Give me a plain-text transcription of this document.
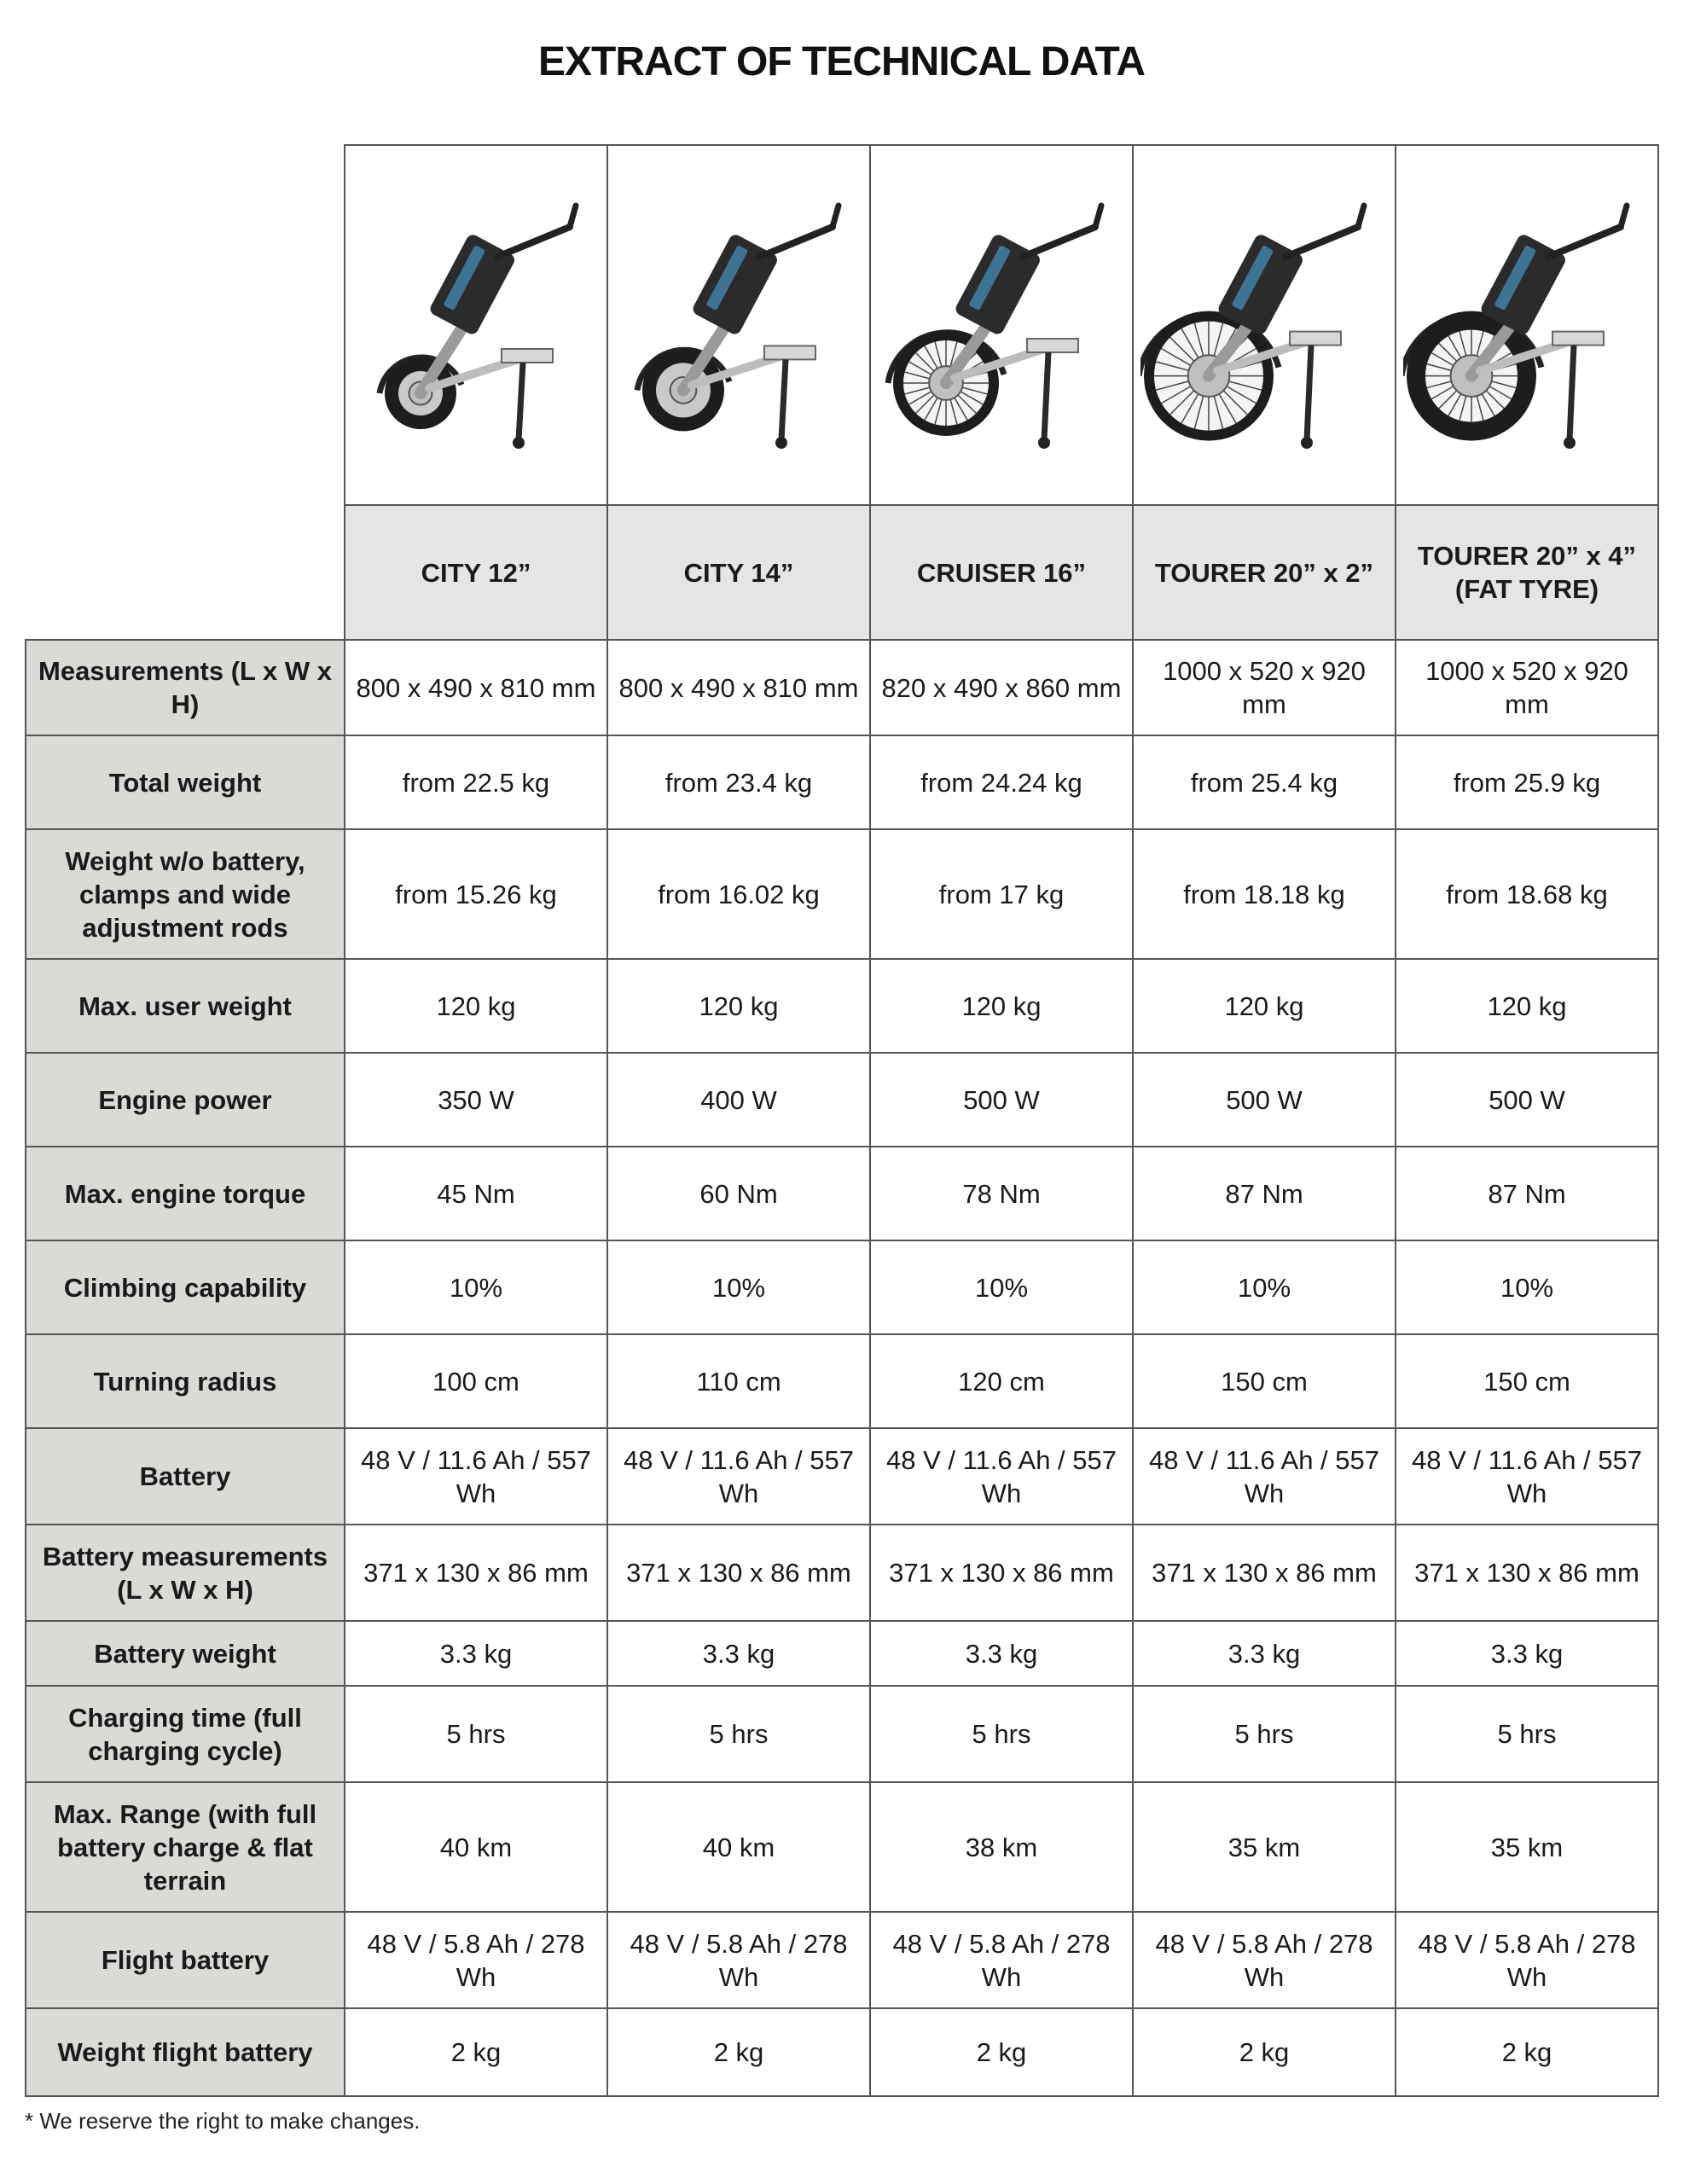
EXTRACT OF TECHNICAL DATA

	CITY 12”	CITY 14”	CRUISER 16”	TOURER 20” x 2”	TOURER 20” x 4” (FAT TYRE)
Measurements (L x W x H)	800 x 490 x 810 mm	800 x 490 x 810 mm	820 x 490 x 860 mm	1000 x 520 x 920 mm	1000 x 520 x 920 mm
Total weight	from 22.5 kg	from 23.4 kg	from 24.24 kg	from 25.4 kg	from 25.9 kg
Weight w/o battery, clamps and wide adjustment rods	from 15.26 kg	from 16.02 kg	from 17 kg	from 18.18 kg	from 18.68 kg
Max. user weight	120 kg	120 kg	120 kg	120 kg	120 kg
Engine power	350 W	400 W	500 W	500 W	500 W
Max. engine torque	45 Nm	60 Nm	78 Nm	87 Nm	87 Nm
Climbing capability	10%	10%	10%	10%	10%
Turning radius	100 cm	110 cm	120 cm	150 cm	150 cm
Battery	48 V / 11.6 Ah / 557 Wh	48 V / 11.6 Ah / 557 Wh	48 V / 11.6 Ah / 557 Wh	48 V / 11.6 Ah / 557 Wh	48 V / 11.6 Ah / 557 Wh
Battery measurements (L x W x H)	371 x 130 x 86 mm	371 x 130 x 86 mm	371 x 130 x 86 mm	371 x 130 x 86 mm	371 x 130 x 86 mm
Battery weight	3.3 kg	3.3 kg	3.3 kg	3.3 kg	3.3 kg
Charging time (full charging cycle)	5 hrs	5 hrs	5 hrs	5 hrs	5 hrs
Max. Range (with full battery charge & flat terrain	40 km	40 km	38 km	35 km	35 km
Flight battery	48 V / 5.8 Ah / 278 Wh	48 V / 5.8 Ah / 278 Wh	48 V / 5.8 Ah / 278 Wh	48 V / 5.8 Ah / 278 Wh	48 V / 5.8 Ah / 278 Wh
Weight flight battery	2 kg	2 kg	2 kg	2 kg	2 kg
* We reserve the right to make changes.
